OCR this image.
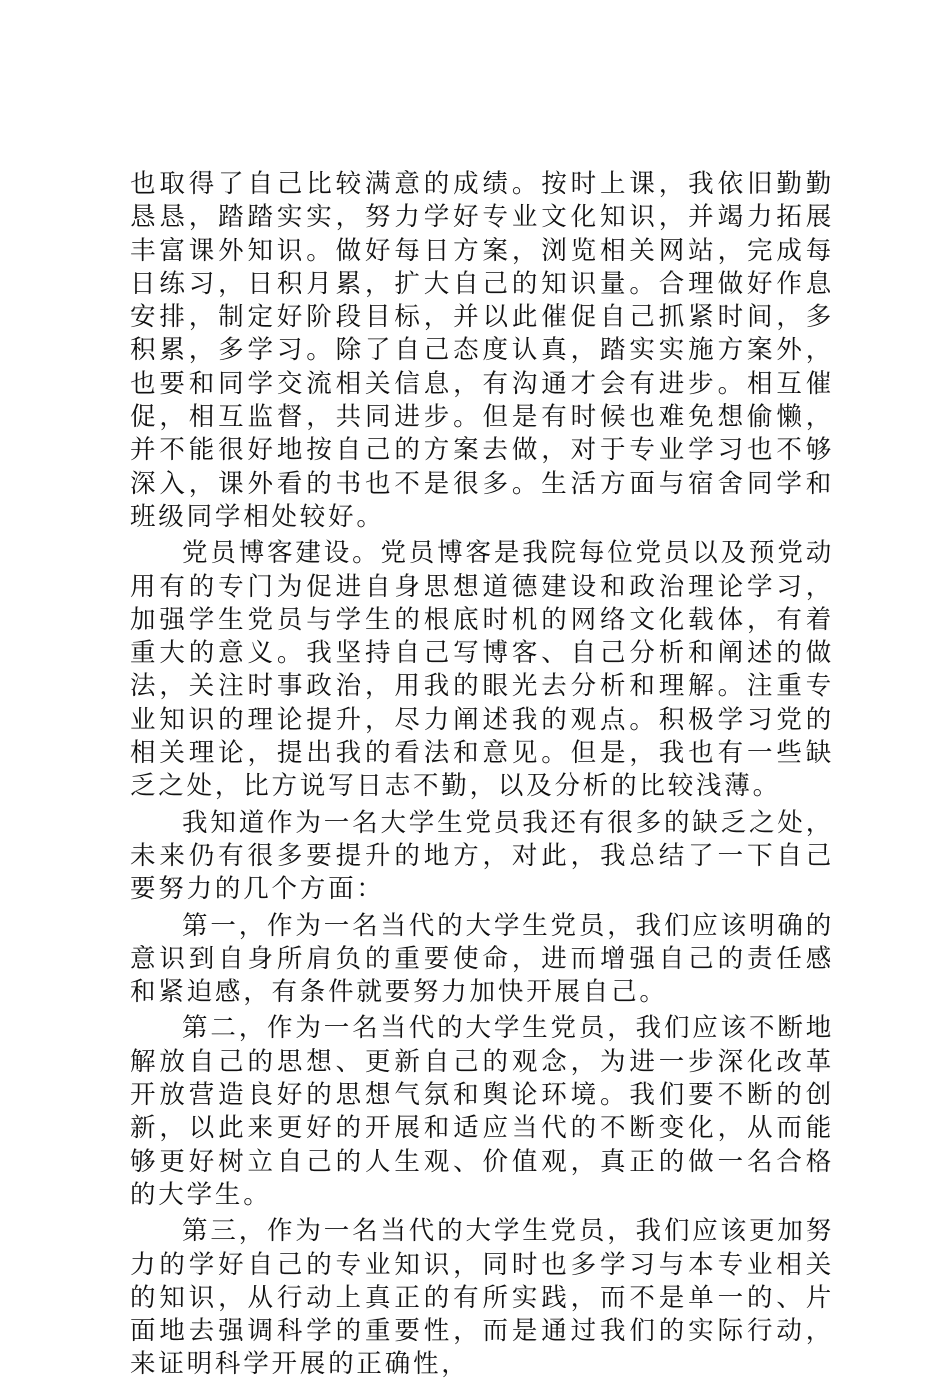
也取得了自己比较满意的成绩。按时上课，我依旧勤勤恳恳，踏踏实实，努力学好专业文化知识，并竭力拓展丰富课外知识。做好每日方案，浏览相关网站，完成每日练习，日积月累，扩大自己的知识量。合理做好作息安排，制定好阶段目标，并以此催促自己抓紧时间，多积累，多学习。除了自己态度认真，踏实实施方案外，也要和同学交流相关信息，有沟通才会有进步。相互催促，相互监督，共同进步。但是有时候也难免想偷懒，并不能很好地按自己的方案去做，对于专业学习也不够深入，课外看的书也不是很多。生活方面与宿舍同学和班级同学相处较好。

党员博客建设。党员博客是我院每位党员以及预党动用有的专门为促进自身思想道德建设和政治理论学习，加强学生党员与学生的根底时机的网络文化载体，有着重大的意义。我坚持自己写博客、自己分析和阐述的做法，关注时事政治，用我的眼光去分析和理解。注重专业知识的理论提升，尽力阐述我的观点。积极学习党的相关理论，提出我的看法和意见。但是，我也有一些缺乏之处，比方说写日志不勤，以及分析的比较浅薄。

我知道作为一名大学生党员我还有很多的缺乏之处，未来仍有很多要提升的地方，对此，我总结了一下自己要努力的几个方面：

第一，作为一名当代的大学生党员，我们应该明确的意识到自身所肩负的重要使命，进而增强自己的责任感和紧迫感，有条件就要努力加快开展自己。

第二，作为一名当代的大学生党员，我们应该不断地解放自己的思想、更新自己的观念，为进一步深化改革开放营造良好的思想气氛和舆论环境。我们要不断的创新，以此来更好的开展和适应当代的不断变化，从而能够更好树立自己的人生观、价值观，真正的做一名合格的大学生。

第三，作为一名当代的大学生党员，我们应该更加努力的学好自己的专业知识，同时也多学习与本专业相关的知识，从行动上真正的有所实践，而不是单一的、片面地去强调科学的重要性，而是通过我们的实际行动，来证明科学开展的正确性，
